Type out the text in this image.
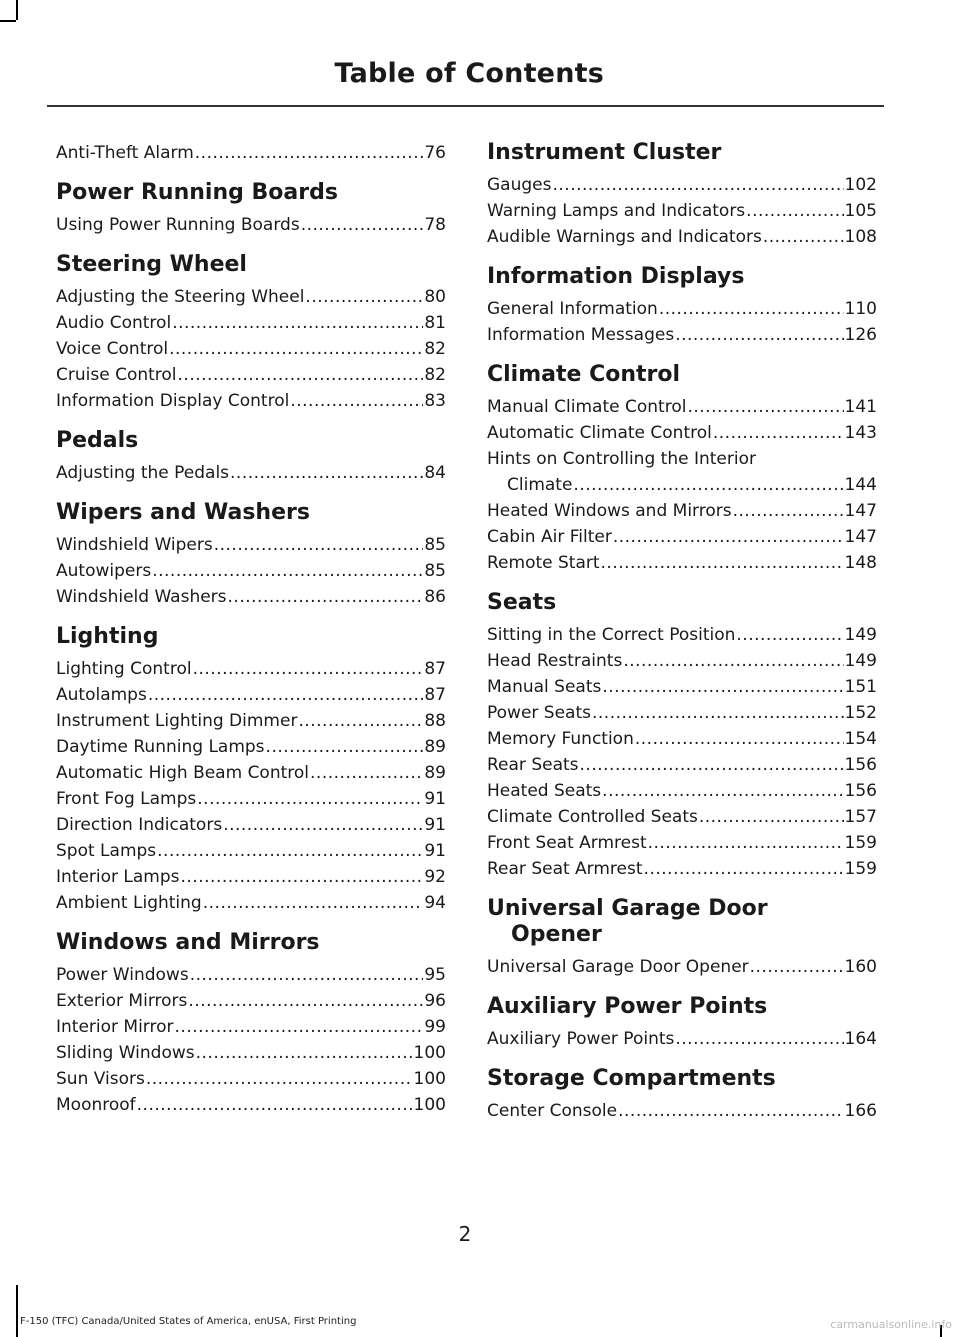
Table of Contents
Anti-Theft Alarm .....	76
Power Running Boards
Using Power Running Boards .....	78
Steering Wheel
Adjusting the Steering Wheel .....	80
Audio Control .....	81
Voice Control .....	82
Cruise Control .....	82
Information Display Control .....	83
Pedals
Adjusting the Pedals .....	84
Wipers and Washers
Windshield Wipers .....	85
Autowipers .....	85
Windshield Washers .....	86
Lighting
Lighting Control .....	87
Autolamps .....	87
Instrument Lighting Dimmer .....	88
Daytime Running Lamps .....	89
Automatic High Beam Control .....	89
Front Fog Lamps .....	91
Direction Indicators .....	91
Spot Lamps .....	91
Interior Lamps .....	92
Ambient Lighting .....	94
Windows and Mirrors
Power Windows .....	95
Exterior Mirrors .....	96
Interior Mirror .....	99
Sliding Windows .....	100
Sun Visors .....	100
Moonroof .....	100
Instrument Cluster
Gauges .....	102
Warning Lamps and Indicators .....	105
Audible Warnings and Indicators .....	108
Information Displays
General Information .....	110
Information Messages .....	126
Climate Control
Manual Climate Control .....	141
Automatic Climate Control .....	143
Hints on Controlling the Interior
Climate .....	144
Heated Windows and Mirrors .....	147
Cabin Air Filter .....	147
Remote Start .....	148
Seats
Sitting in the Correct Position .....	149
Head Restraints .....	149
Manual Seats .....	151
Power Seats .....	152
Memory Function .....	154
Rear Seats .....	156
Heated Seats .....	156
Climate Controlled Seats .....	157
Front Seat Armrest .....	159
Rear Seat Armrest .....	159
Universal Garage Door
Opener
Universal Garage Door Opener .....	160
Auxiliary Power Points
Auxiliary Power Points .....	164
Storage Compartments
Center Console .....	166
2
F-150 (TFC) Canada/United States of America, enUSA, First Printing	carmanualsonline.info
